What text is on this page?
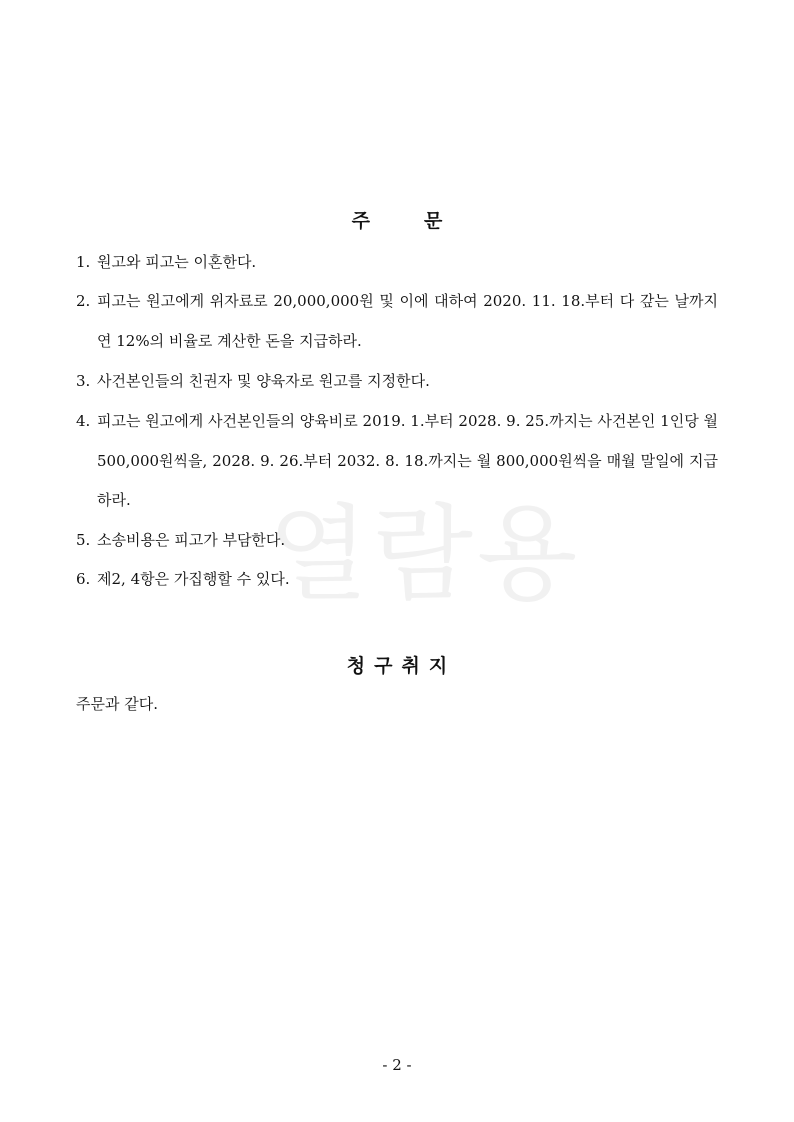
열람용
주	문
1. 원고와 피고는 이혼한다.
2. 피고는 원고에게 위자료로 20,000,000원 및 이에 대하여 2020. 11. 18.부터 다 갚는 날까지 연 12%의 비율로 계산한 돈을 지급하라.
3. 사건본인들의 친권자 및 양육자로 원고를 지정한다.
4. 피고는 원고에게 사건본인들의 양육비로 2019. 1.부터 2028. 9. 25.까지는 사건본인 1인당 월 500,000원씩을, 2028. 9. 26.부터 2032. 8. 18.까지는 월 800,000원씩을 매월 말일에 지급하라.
5. 소송비용은 피고가 부담한다.
6. 제2, 4항은 가집행할 수 있다.
청구취지
주문과 같다.
- 2 -
